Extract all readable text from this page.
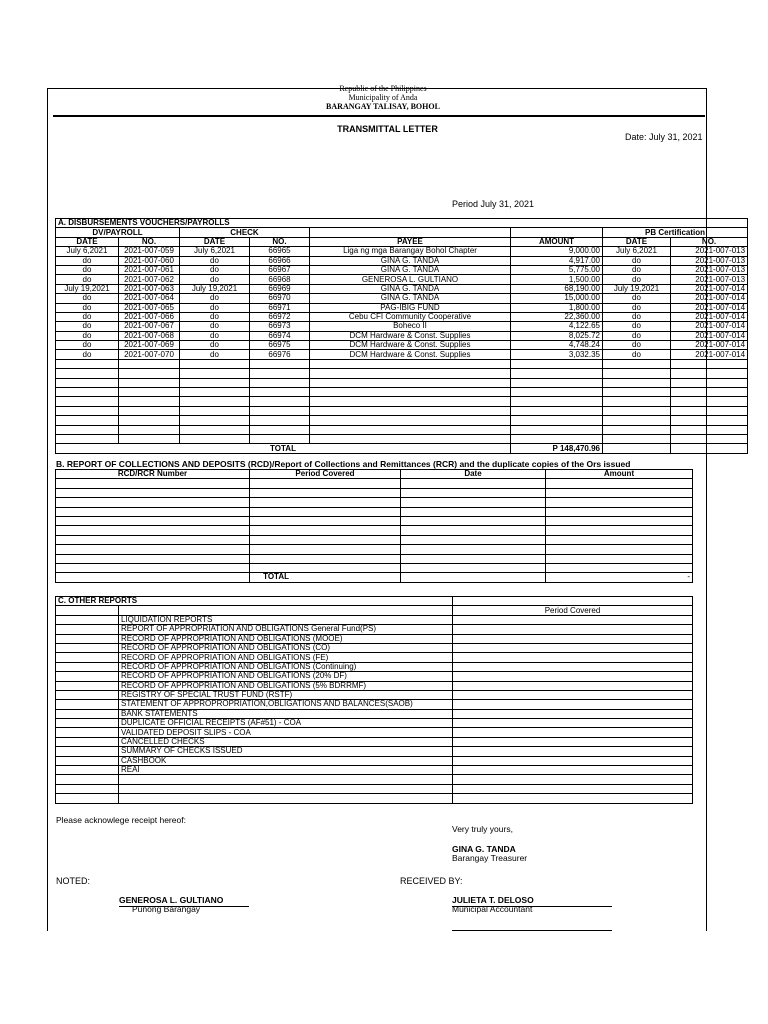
Republic of the Philippines
Municipality of Anda
BARANGAY TALISAY, BOHOL
TRANSMITTAL LETTER
Date: July 31, 2021
Period July 31, 2021
A. DISBURSEMENTS VOUCHERS/PAYROLLS							
DV/PAYROLL		CHECK				PB Certification	
DATE	NO.	DATE	NO.	PAYEE	AMOUNT	DATE	NO.
July 6,2021	2021-007-059	July 6,2021	66965	Liga ng mga Barangay Bohol Chapter	9,000.00	July 6,2021	2021-007-013
do	2021-007-060	do	66966	GINA G. TANDA	4,917.00	do	2021-007-013
do	2021-007-061	do	66967	GINA G. TANDA	5,775.00	do	2021-007-013
do	2021-007-062	do	66968	GENEROSA L. GULTIANO	1,500.00	do	2021-007-013
July 19,2021	2021-007-063	July 19,2021	66969	GINA G. TANDA	68,190.00	July 19,2021	2021-007-014
do	2021-007-064	do	66970	GINA G. TANDA	15,000.00	do	2021-007-014
do	2021-007-065	do	66971	PAG-IBIG FUND	1,800.00	do	2021-007-014
do	2021-007-066	do	66972	Cebu CFI Community Cooperative	22,360.00	do	2021-007-014
do	2021-007-067	do	66973	Boheco II	4,122.65	do	2021-007-014
do	2021-007-068	do	66974	DCM Hardware & Const. Supplies	8,025.72	do	2021-007-014
do	2021-007-069	do	66975	DCM Hardware & Const. Supplies	4,748.24	do	2021-007-014
do	2021-007-070	do	66976	DCM Hardware & Const. Supplies	3,032.35	do	2021-007-014

TOTAL					P 148,470.96		
B. REPORT OF COLLECTIONS AND DEPOSITS (RCD)/Report of Collections and Remittances (RCR) and the duplicate copies of the Ors issued
RCD/RCR Number	Period Covered	Date	Amount

TOTAL			-
C. OTHER REPORTS		
		Period Covered
	LIQUIDATION REPORTS	
	REPORT OF APPROPRIATION AND OBLIGATIONS General Fund(PS)	
	RECORD OF APPROPRIATION AND OBLIGATIONS (MOOE)	
	RECORD OF APPROPRIATION AND OBLIGATIONS (CO)	
	RECORD OF APPROPRIATION AND OBLIGATIONS (FE)	
	RECORD OF APPROPRIATION AND OBLIGATIONS (Continuing)	
	RECORD OF APPROPRIATION AND OBLIGATIONS (20% DF)	
	RECORD OF APPROPRIATION AND OBLIGATIONS (5% BDRRMF)	
	REGISTRY OF SPECIAL TRUST FUND (RSTF)	
	STATEMENT OF APPROPROPRIATION,OBLIGATIONS AND BALANCES(SAOB)	
	BANK STATEMENTS	
	DUPLICATE OFFICIAL RECEIPTS (AF#51) - COA	
	VALIDATED DEPOSIT SLIPS - COA	
	CANCELLED CHECKS	
	SUMMARY OF CHECKS ISSUED	
	CASHBOOK	
	REAI	

Please acknowlege receipt hereof:
Very truly yours,
GINA G. TANDA
Barangay Treasurer
NOTED:	RECEIVED BY:
GENEROSA L. GULTIANO
Punong Barangay
JULIETA T. DELOSO
Municipal Accountant
